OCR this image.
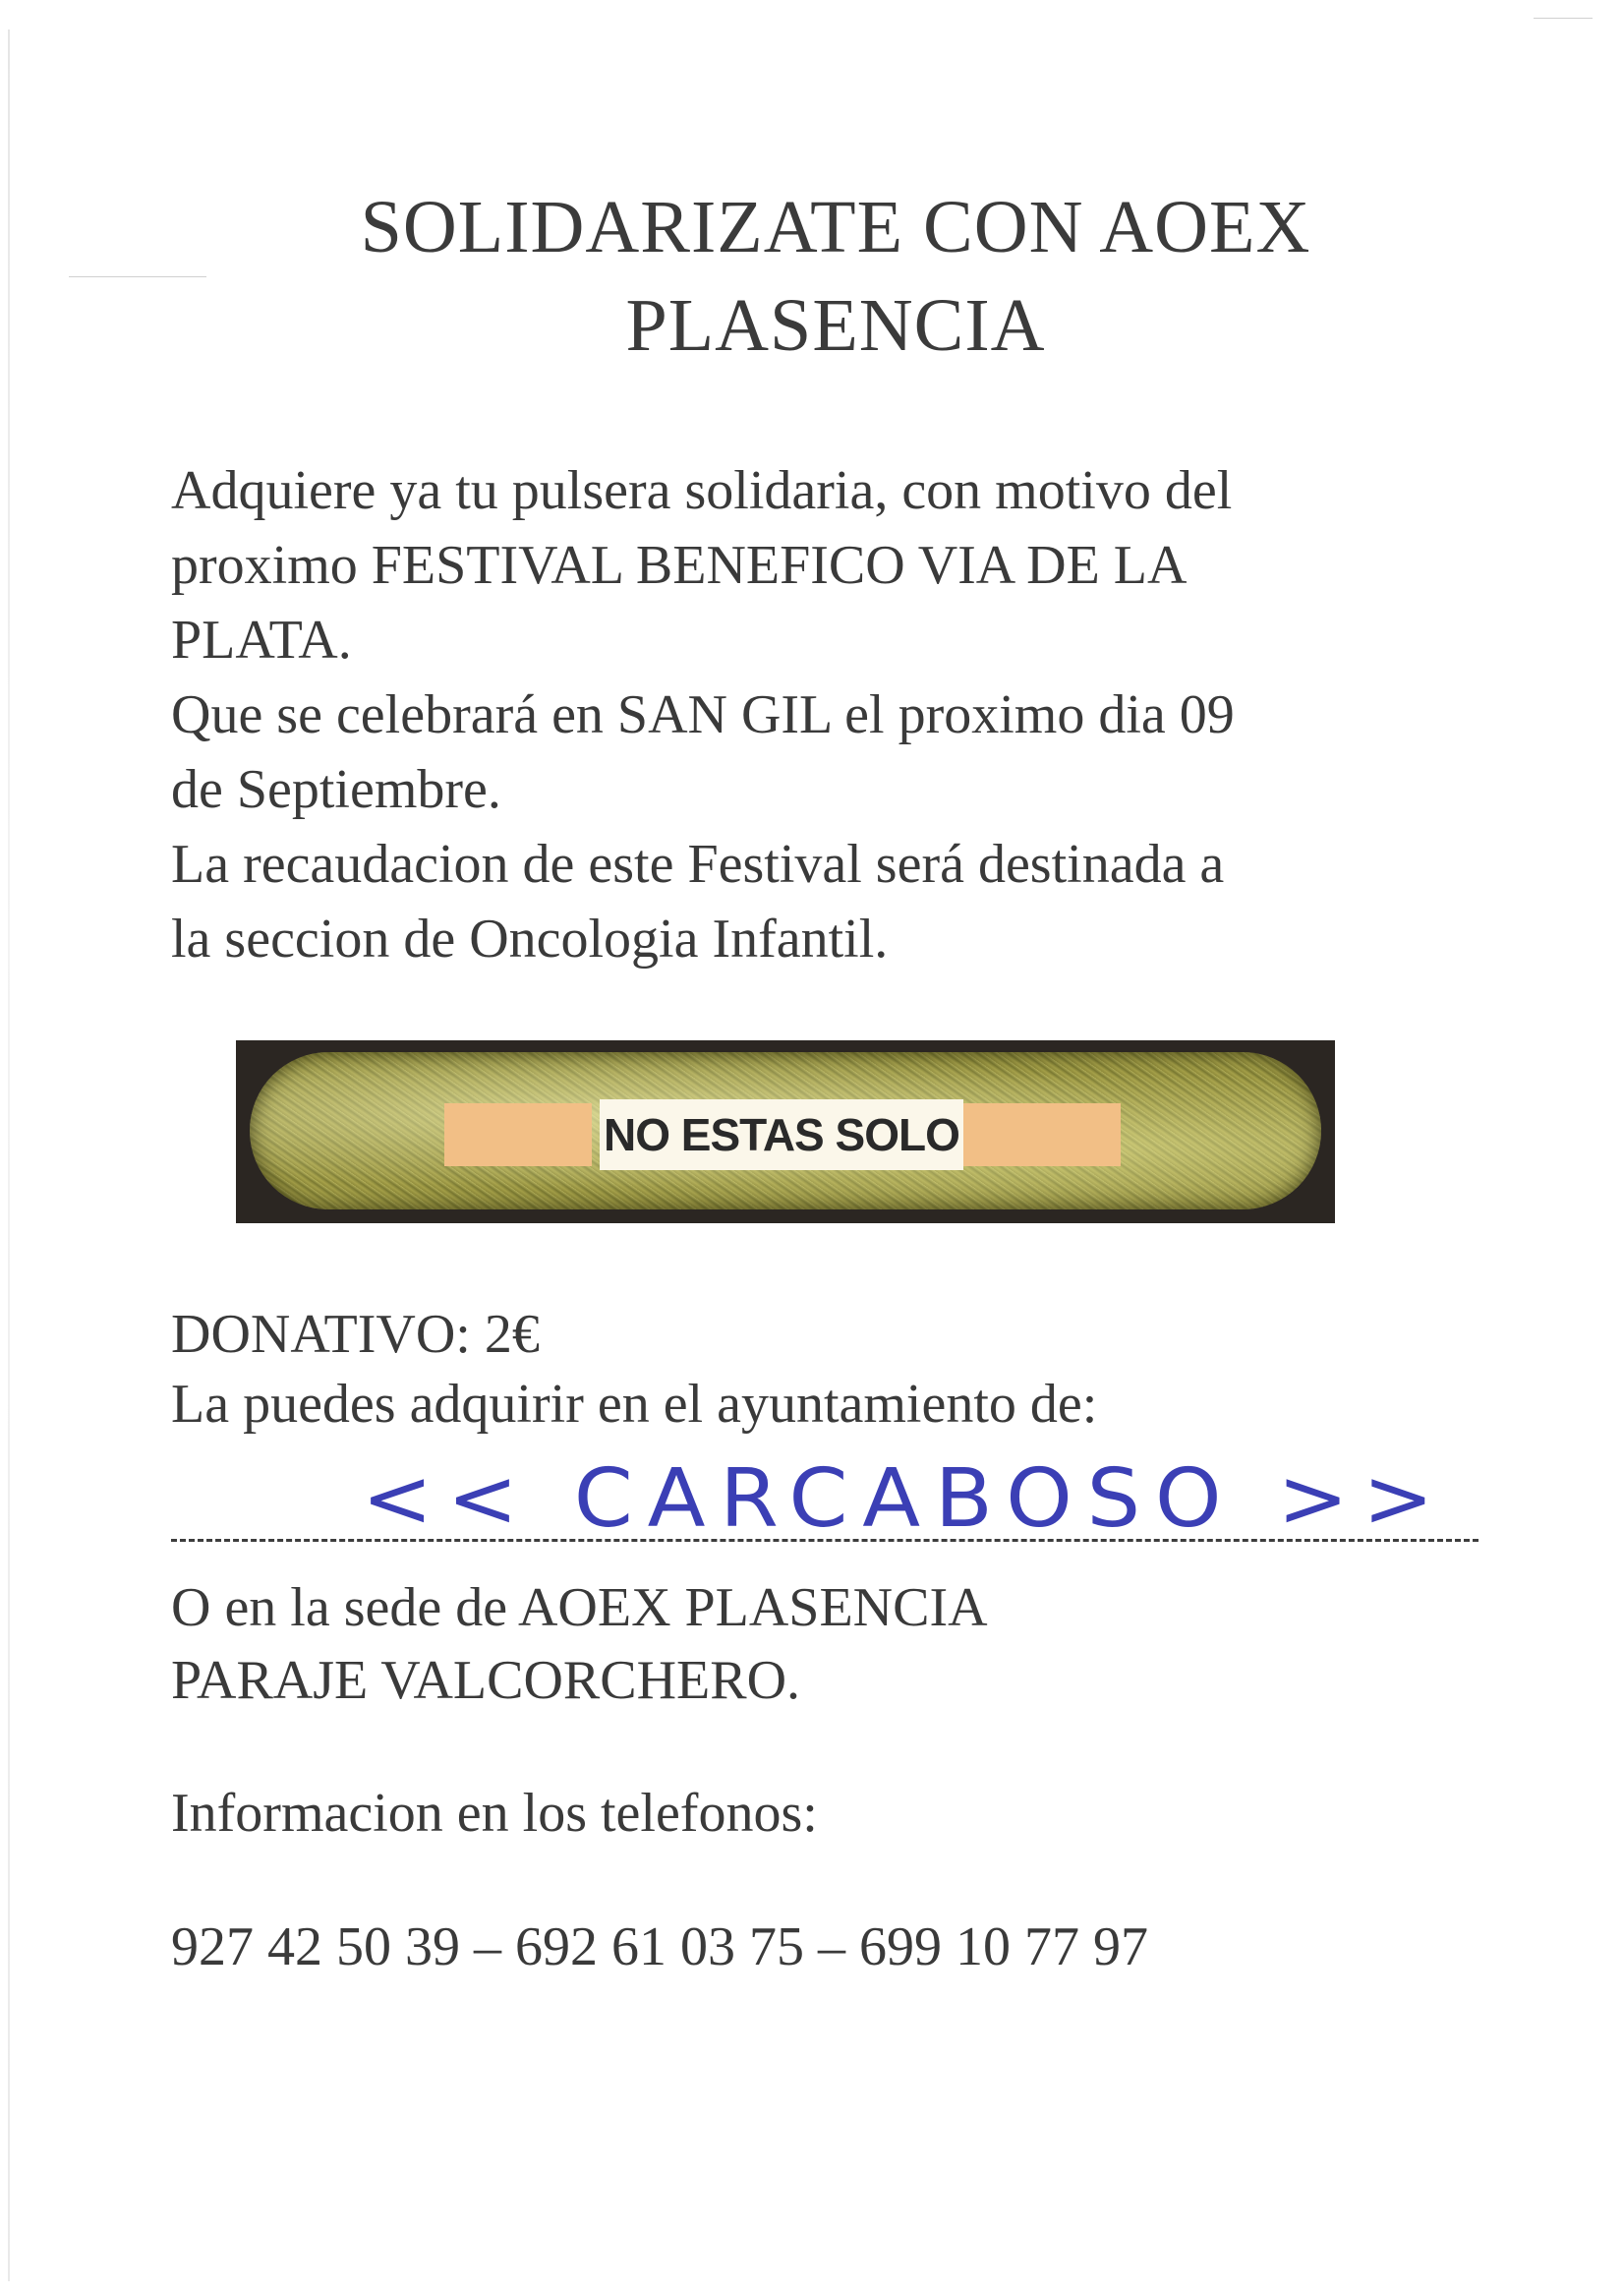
SOLIDARIZATE CON AOEX
PLASENCIA
Adquiere ya tu pulsera solidaria, con motivo del
proximo FESTIVAL BENEFICO VIA DE LA
PLATA.
Que se celebrará en SAN GIL el proximo dia 09
de Septiembre.
La recaudacion de este Festival será destinada a
la seccion de Oncologia Infantil.
NO ESTAS SOLO
DONATIVO: 2€
La puedes adquirir en el ayuntamiento de:
<< CARCABOSO >>
O en la sede de AOEX PLASENCIA
PARAJE VALCORCHERO.
Informacion en los telefonos:
927 42 50 39 – 692 61 03 75 – 699 10 77 97
